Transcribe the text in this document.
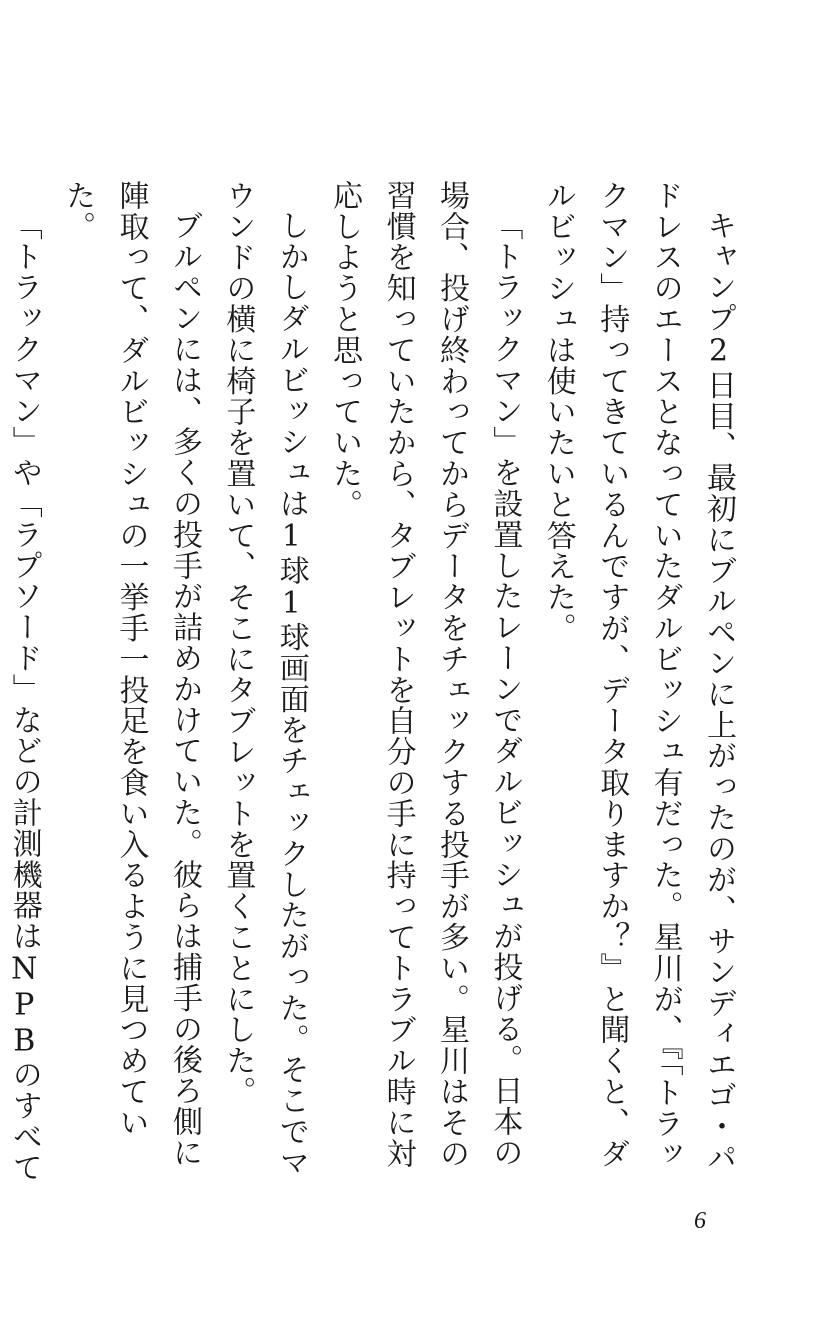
キャンプ2日目、最初にブルペンに上がったのが、サンディエゴ・パドレスのエースとなっていたダルビッシュ有だった。星川が、『「トラックマン」持ってきているんですが、データ取りますか？』と聞くと、ダルビッシュは使いたいと答えた。

「トラックマン」を設置したレーンでダルビッシュが投げる。日本の場合、投げ終わってからデータをチェックする投手が多い。星川はその習慣を知っていたから、タブレットを自分の手に持ってトラブル時に対応しようと思っていた。

しかしダルビッシュは1球1球画面をチェックしたがった。そこでマウンドの横に椅子を置いて、そこにタブレットを置くことにした。

ブルペンには、多くの投手が詰めかけていた。彼らは捕手の後ろ側に陣取って、ダルビッシュの一挙手一投足を食い入るように見つめていた。

「トラックマン」や「ラプソード」などの計測機器はNPBのすべて

6
